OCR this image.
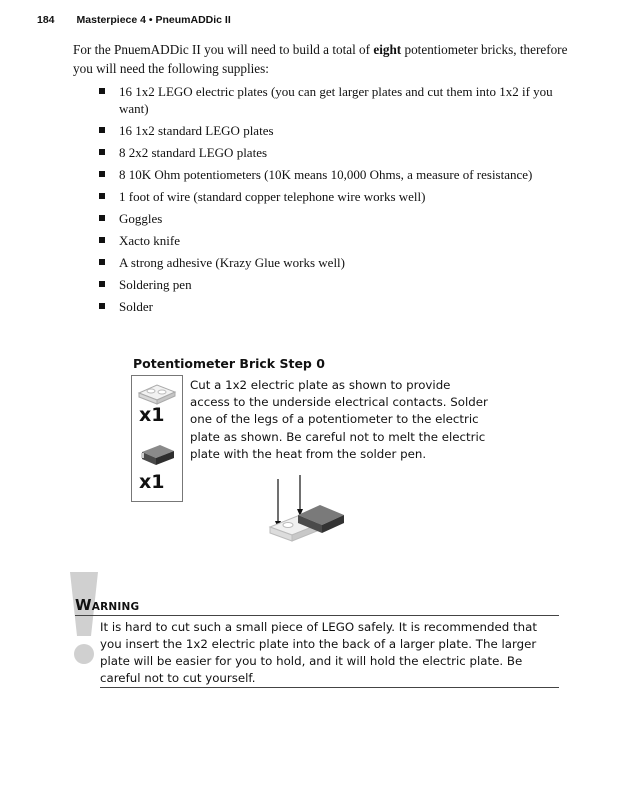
184 Masterpiece 4 • PneumADDic II

For the PnuemADDic II you will need to build a total of eight potentiometer bricks, therefore you will need the following supplies:

16 1x2 LEGO electric plates (you can get larger plates and cut them into 1x2 if you want)
16 1x2 standard LEGO plates
8 2x2 standard LEGO plates
8 10K Ohm potentiometers (10K means 10,000 Ohms, a measure of resistance)
1 foot of wire (standard copper telephone wire works well)
Goggles
Xacto knife
A strong adhesive (Krazy Glue works well)
Soldering pen
Solder
Potentiometer Brick Step 0
x1
x1
Cut a 1x2 electric plate as shown to provide access to the underside electrical contacts. Solder one of the legs of a potentiometer to the electric plate as shown. Be careful not to melt the electric plate with the heat from the solder pen.
WARNING
It is hard to cut such a small piece of LEGO safely. It is recommended that you insert the 1x2 electric plate into the back of a larger plate. The larger plate will be easier for you to hold, and it will hold the electric plate. Be careful not to cut yourself.
